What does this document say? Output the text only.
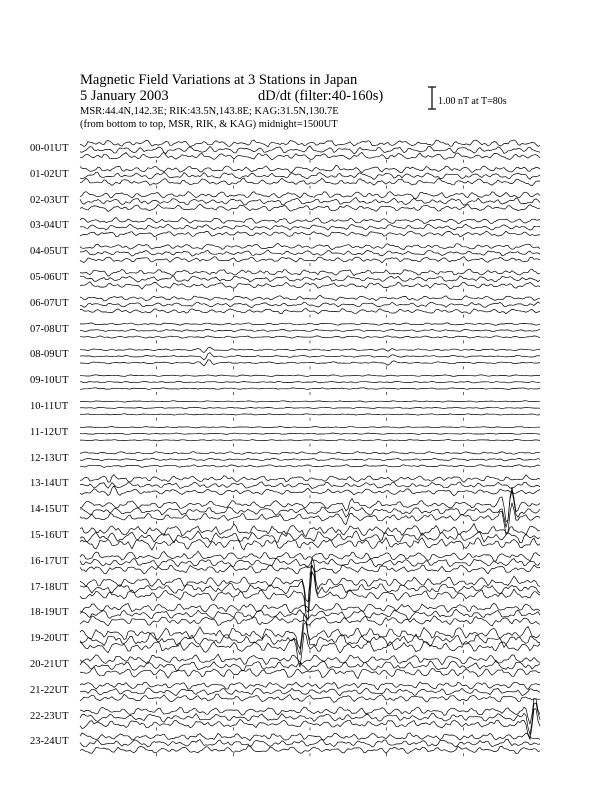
Magnetic Field Variations at 3 Stations in Japan
5 January 2003	dD/dt (filter:40-160s)
MSR:44.4N,142.3E; RIK:43.5N,143.8E; KAG:31.5N,130.7E
(from bottom to top, MSR, RIK, & KAG) midnight=1500UT
1.00 nT at T=80s
00-01UT
01-02UT
02-03UT
03-04UT
04-05UT
05-06UT
06-07UT
07-08UT
08-09UT
09-10UT
10-11UT
11-12UT
12-13UT
13-14UT
14-15UT
15-16UT
16-17UT
17-18UT
18-19UT
19-20UT
20-21UT
21-22UT
22-23UT
23-24UT
